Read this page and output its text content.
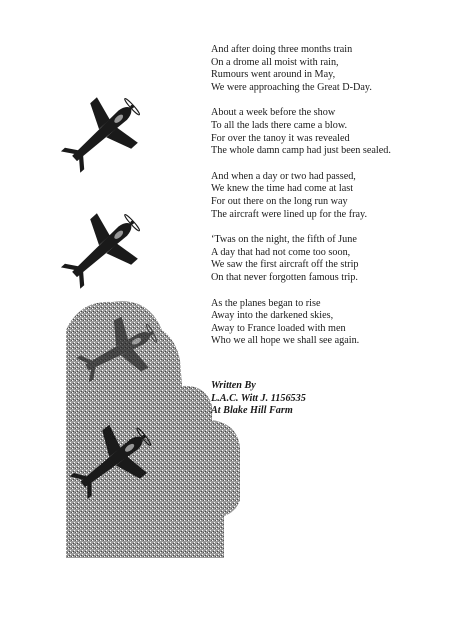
And after doing three months train
On a drome all moist with rain,
Rumours went around in May,
We were approaching the Great D-Day.
About a week before the show
To all the lads there came a blow.
For over the tanoy it was revealed
The whole damn camp had just been sealed.
And when a day or two had passed,
We knew the time had come at last
For out there on the long run way
The aircraft were lined up for the fray.
‘Twas on the night, the fifth of June
A day that had not come too soon,
We saw the first aircraft off the strip
On that never forgotten famous trip.
As the planes began to rise
Away into the darkened skies,
Away to France loaded with men
Who we all hope we shall see again.
Written By
L.A.C. Witt J. 1156535
At Blake Hill Farm
